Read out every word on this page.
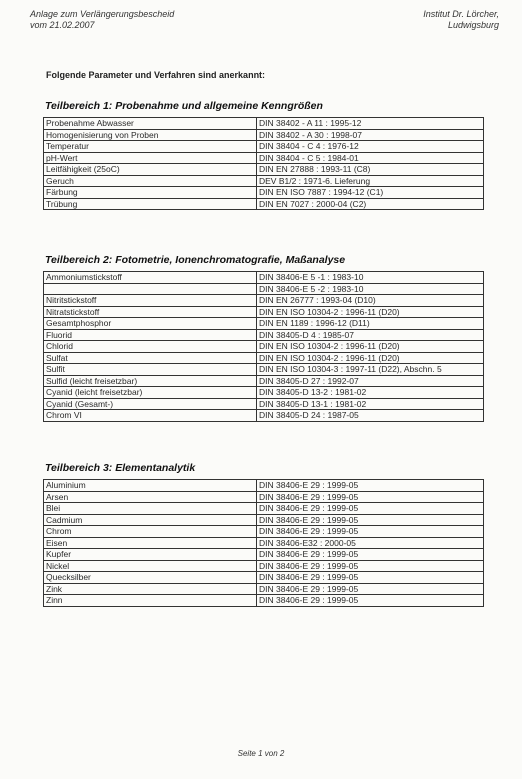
Anlage zum Verlängerungsbescheid
vom 21.02.2007
Institut Dr. Lörcher,
Ludwigsburg
Folgende Parameter und Verfahren sind anerkannt:
Teilbereich 1: Probenahme und allgemeine Kenngrößen
Probenahme Abwasser	DIN 38402 - A 11 : 1995-12
Homogenisierung von Proben	DIN 38402 - A 30 : 1998-07
Temperatur	DIN 38404 - C 4 : 1976-12
pH-Wert	DIN 38404 - C 5 : 1984-01
Leitfähigkeit (25oC)	DIN EN 27888 : 1993-11 (C8)
Geruch	DEV B1/2 : 1971-6. Lieferung
Färbung	DIN EN ISO 7887 : 1994-12 (C1)
Trübung	DIN EN 7027 : 2000-04 (C2)
Teilbereich 2: Fotometrie, Ionenchromatografie, Maßanalyse
Ammoniumstickstoff	DIN 38406-E 5 -1 : 1983-10
	DIN 38406-E 5 -2 : 1983-10
Nitritstickstoff	DIN EN 26777 : 1993-04 (D10)
Nitratstickstoff	DIN EN ISO 10304-2 : 1996-11 (D20)
Gesamtphosphor	DIN EN 1189 : 1996-12 (D11)
Fluorid	DIN 38405-D 4 : 1985-07
Chlorid	DIN EN ISO 10304-2 : 1996-11 (D20)
Sulfat	DIN EN ISO 10304-2 : 1996-11 (D20)
Sulfit	DIN EN ISO 10304-3 : 1997-11 (D22), Abschn. 5
Sulfid (leicht freisetzbar)	DIN 38405-D 27 : 1992-07
Cyanid (leicht freisetzbar)	DIN 38405-D 13-2 : 1981-02
Cyanid (Gesamt-)	DIN 38405-D 13-1 : 1981-02
Chrom VI	DIN 38405-D 24 : 1987-05
Teilbereich 3: Elementanalytik
Aluminium	DIN 38406-E 29 : 1999-05
Arsen	DIN 38406-E 29 : 1999-05
Blei	DIN 38406-E 29 : 1999-05
Cadmium	DIN 38406-E 29 : 1999-05
Chrom	DIN 38406-E 29 : 1999-05
Eisen	DIN 38406-E32 : 2000-05
Kupfer	DIN 38406-E 29 : 1999-05
Nickel	DIN 38406-E 29 : 1999-05
Quecksilber	DIN 38406-E 29 : 1999-05
Zink	DIN 38406-E 29 : 1999-05
Zinn	DIN 38406-E 29 : 1999-05
Seite 1 von 2
